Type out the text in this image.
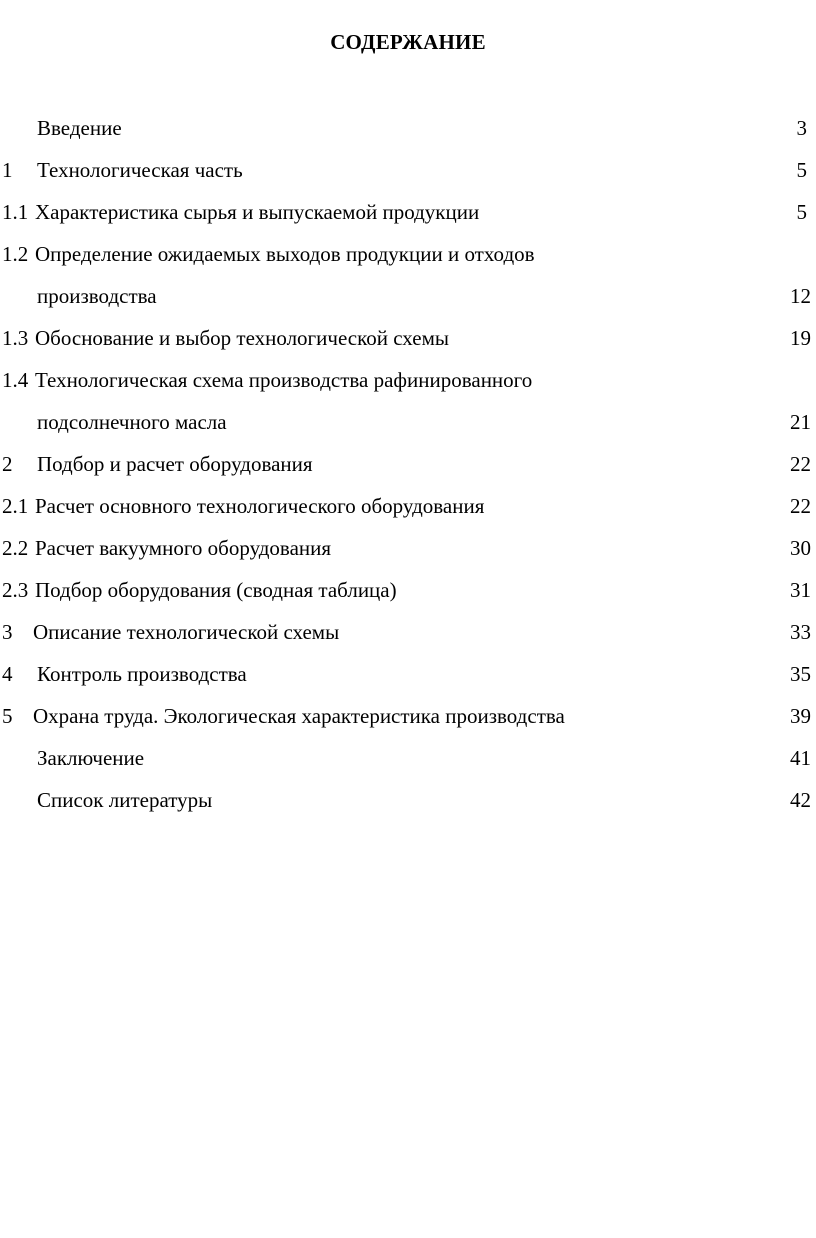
СОДЕРЖАНИЕ
Введение	3
1 Технологическая часть	5
1.1 Характеристика сырья и выпускаемой продукции	5
1.2 Определение ожидаемых выходов продукции и отходов
производства	12
1.3 Обоснование и выбор технологической схемы	19
1.4 Технологическая схема производства рафинированного
подсолнечного масла	21
2 Подбор и расчет оборудования	22
2.1 Расчет основного технологического оборудования	22
2.2 Расчет вакуумного оборудования	30
2.3 Подбор оборудования (сводная таблица)	31
3 Описание технологической схемы	33
4 Контроль производства	35
5 Охрана труда. Экологическая характеристика производства	39
Заключение	41
Список литературы	42
